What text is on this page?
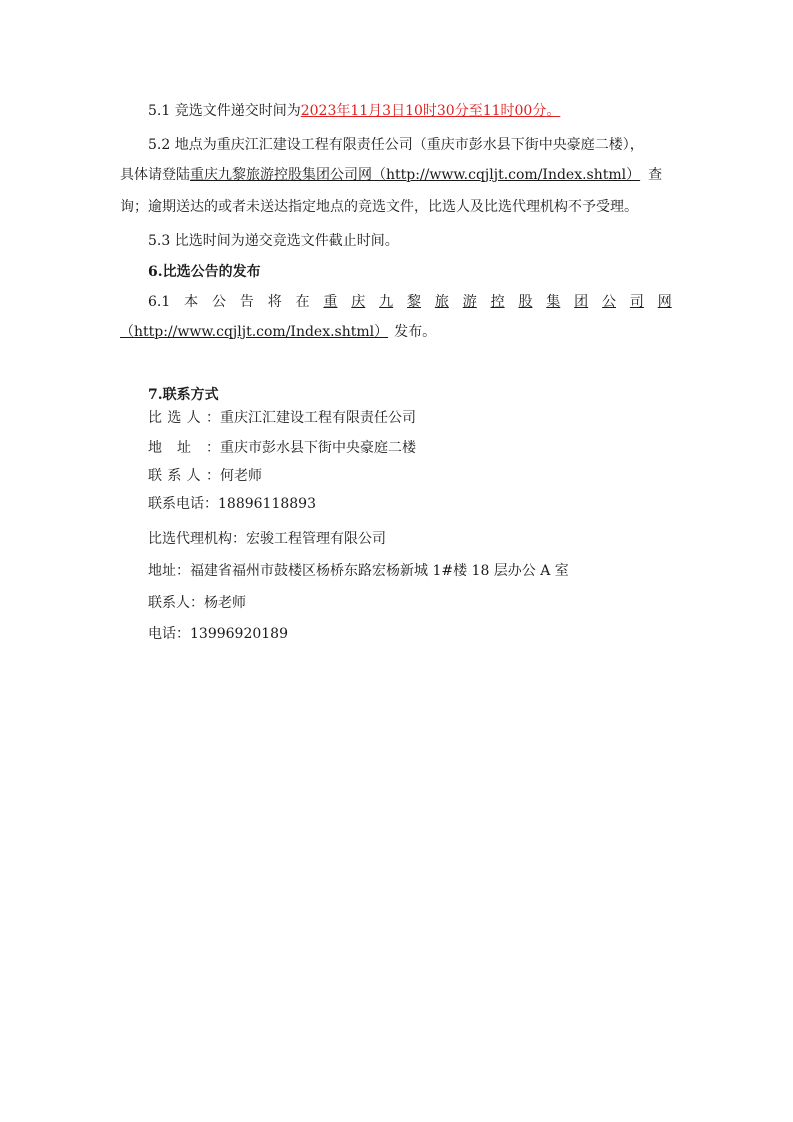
5.1 竞选文件递交时间为2023年11月3日10时30分至11时00分。
5.2 地点为重庆江汇建设工程有限责任公司（重庆市彭水县下街中央豪庭二楼），
具体请登陆重庆九黎旅游控股集团公司网（http://www.cqjljt.com/Index.shtml） 查
询；逾期送达的或者未送达指定地点的竞选文件，比选人及比选代理机构不予受理。
5.3 比选时间为递交竞选文件截止时间。
6.比选公告的发布
6.1 本 公 告 将 在 重 庆 九 黎 旅 游 控 股 集 团 公 司 网
（http://www.cqjljt.com/Index.shtml） 发布。
7.联系方式
比选人：重庆江汇建设工程有限责任公司
地址：重庆市彭水县下街中央豪庭二楼
联系人：何老师
联系电话：18896118893
比选代理机构：宏骏工程管理有限公司
地址：福建省福州市鼓楼区杨桥东路宏杨新城 1#楼 18 层办公 A 室
联系人：杨老师
电话：13996920189
